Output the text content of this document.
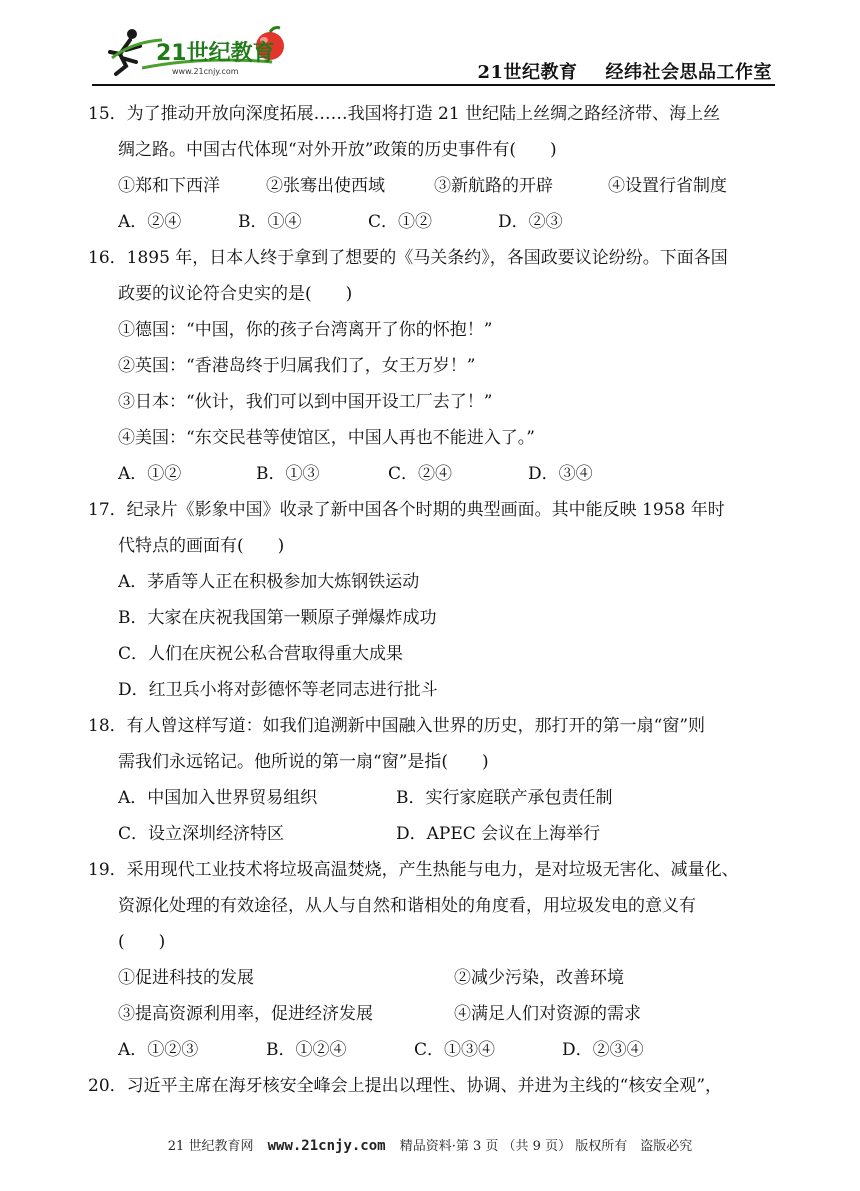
21世纪教育
www.21cnjy.com	21世纪教育 经纬社会思品工作室
15．为了推动开放向深度拓展……我国将打造 21 世纪陆上丝绸之路经济带、海上丝
绸之路。中国古代体现“对外开放”政策的历史事件有(　　)
①郑和下西洋	②张骞出使西域	③新航路的开辟	④设置行省制度
A．②④	B．①④	C．①②	D．②③
16．1895 年，日本人终于拿到了想要的《马关条约》，各国政要议论纷纷。下面各国
政要的议论符合史实的是(　　)
①德国：“中国，你的孩子台湾离开了你的怀抱！”
②英国：“香港岛终于归属我们了，女王万岁！”
③日本：“伙计，我们可以到中国开设工厂去了！”
④美国：“东交民巷等使馆区，中国人再也不能进入了。”
A．①②	B．①③	C．②④	D．③④
17．纪录片《影象中国》收录了新中国各个时期的典型画面。其中能反映 1958 年时
代特点的画面有(　　)
A．茅盾等人正在积极参加大炼钢铁运动
B．大家在庆祝我国第一颗原子弹爆炸成功
C．人们在庆祝公私合营取得重大成果
D．红卫兵小将对彭德怀等老同志进行批斗
18．有人曾这样写道：如我们追溯新中国融入世界的历史，那打开的第一扇“窗”则
需我们永远铭记。他所说的第一扇“窗”是指(　　)
A．中国加入世界贸易组织	B．实行家庭联产承包责任制
C．设立深圳经济特区	D．APEC 会议在上海举行
19．采用现代工业技术将垃圾高温焚烧，产生热能与电力，是对垃圾无害化、减量化、
资源化处理的有效途径，从人与自然和谐相处的角度看，用垃圾发电的意义有
(　　)
①促进科技的发展	②减少污染，改善环境
③提高资源利用率，促进经济发展	④满足人们对资源的需求
A．①②③	B．①②④	C．①③④	D．②③④
20．习近平主席在海牙核安全峰会上提出以理性、协调、并进为主线的“核安全观”，
21 世纪教育网 www.21cnjy.com 精品资料·第 3 页 （共 9 页） 版权所有　盗版必究
